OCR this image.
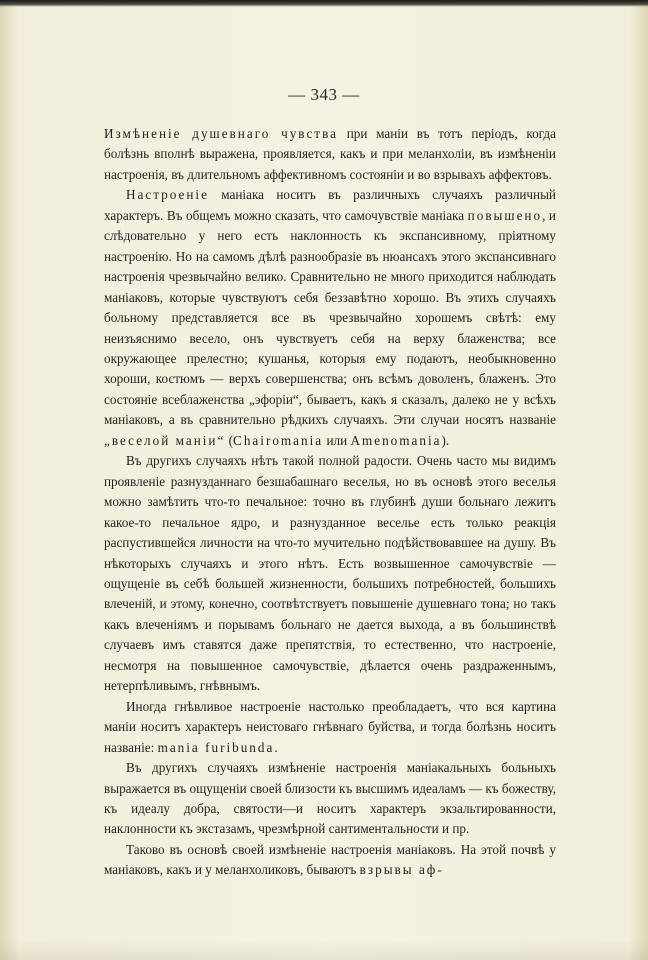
— 343 —

Измѣненіе душевнаго чувства при маніи въ тотъ періодъ, когда болѣзнь вполнѣ выражена, проявляется, какъ и при меланхоліи, въ измѣненіи настроенія, въ длительномъ аффективномъ состояніи и во взрывахъ аффектовъ.

Настроеніе маніака носитъ въ различныхъ случаяхъ различный характеръ. Въ общемъ можно сказать, что самочувствіе маніака повышено, и слѣдовательно у него есть наклонность къ экспансивному, пріятному настроенію. Но на самомъ дѣлѣ разнообразіе въ нюансахъ этого экспансивнаго настроенія чрезвычайно велико. Сравнительно не много приходится наблюдать маніаковъ, которые чувствуютъ себя беззавѣтно хорошо. Въ этихъ случаяхъ больному представляется все въ чрезвычайно хорошемъ свѣтѣ: ему неизъяснимо весело, онъ чувствуетъ себя на верху блаженства; все окружающее прелестно; кушанья, которыя ему подаютъ, необыкновенно хороши, костюмъ — верхъ совершенства; онъ всѣмъ доволенъ, блаженъ. Это состояніе всеблаженства „эфоріи“, бываетъ, какъ я сказалъ, далеко не у всѣхъ маніаковъ, а въ сравнительно рѣдкихъ случаяхъ. Эти случаи носятъ названіе „веселой маніи“ (Chairomania или Amenomania).

Въ другихъ случаяхъ нѣтъ такой полной радости. Очень часто мы видимъ проявленіе разнузданнаго безшабашнаго веселья, но въ основѣ этого веселья можно замѣтить что-то печальное: точно въ глубинѣ души больнаго лежитъ какое-то печальное ядро, и разнузданное веселье есть только реакція распустившейся личности на что-то мучительно подѣйствовавшее на душу. Въ нѣкоторыхъ случаяхъ и этого нѣтъ. Есть возвышенное самочувствіе — ощущеніе въ себѣ большей жизненности, большихъ потребностей, большихъ влеченій, и этому, конечно, соотвѣтствуетъ повышеніе душевнаго тона; но такъ какъ влеченіямъ и порывамъ больнаго не дается выхода, а въ большинствѣ случаевъ имъ ставятся даже препятствія, то естественно, что настроеніе, несмотря на повышенное самочувствіе, дѣлается очень раздраженнымъ, нетерпѣливымъ, гнѣвнымъ.

Иногда гнѣвливое настроеніе настолько преобладаетъ, что вся картина маніи носитъ характеръ неистоваго гнѣвнаго буйства, и тогда болѣзнь носитъ названіе: mania furibunda.

Въ другихъ случаяхъ измѣненіе настроенія маніакальныхъ больныхъ выражается въ ощущеніи своей близости къ высшимъ идеаламъ — къ божеству, къ идеалу добра, святости—и носитъ характеръ экзальтированности, наклонности къ экстазамъ, чрезмѣрной сантиментальности и пр.

Таково въ основѣ своей измѣненіе настроенія маніаковъ. На этой почвѣ у маніаковъ, какъ и у меланхоликовъ, бываютъ взрывы аф-
